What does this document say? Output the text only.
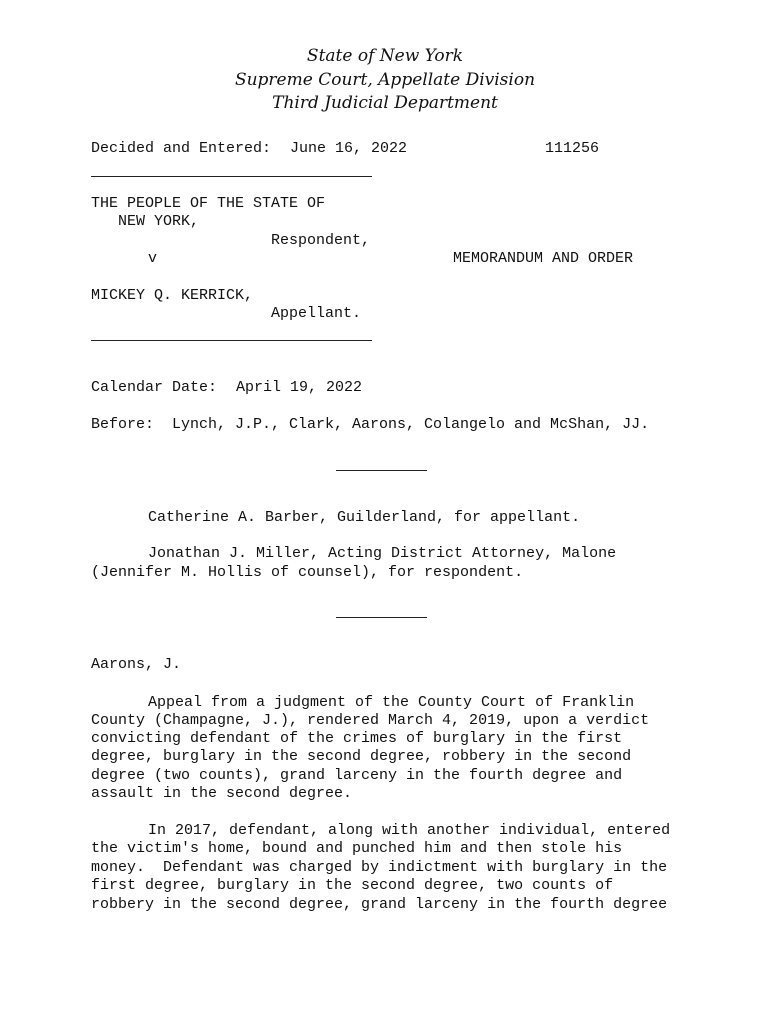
State of New York
Supreme Court, Appellate Division
Third Judicial Department
Decided and Entered: June 16, 2022	111256
THE PEOPLE OF THE STATE OF
NEW YORK,
Respondent,
v	MEMORANDUM AND ORDER
MICKEY Q. KERRICK,
Appellant.
Calendar Date: April 19, 2022
Before: Lynch, J.P., Clark, Aarons, Colangelo and McShan, JJ.
Catherine A. Barber, Guilderland, for appellant.
Jonathan J. Miller, Acting District Attorney, Malone
(Jennifer M. Hollis of counsel), for respondent.
Aarons, J.
Appeal from a judgment of the County Court of Franklin
County (Champagne, J.), rendered March 4, 2019, upon a verdict
convicting defendant of the crimes of burglary in the first
degree, burglary in the second degree, robbery in the second
degree (two counts), grand larceny in the fourth degree and
assault in the second degree.
In 2017, defendant, along with another individual, entered
the victim's home, bound and punched him and then stole his
money.  Defendant was charged by indictment with burglary in the
first degree, burglary in the second degree, two counts of
robbery in the second degree, grand larceny in the fourth degree
